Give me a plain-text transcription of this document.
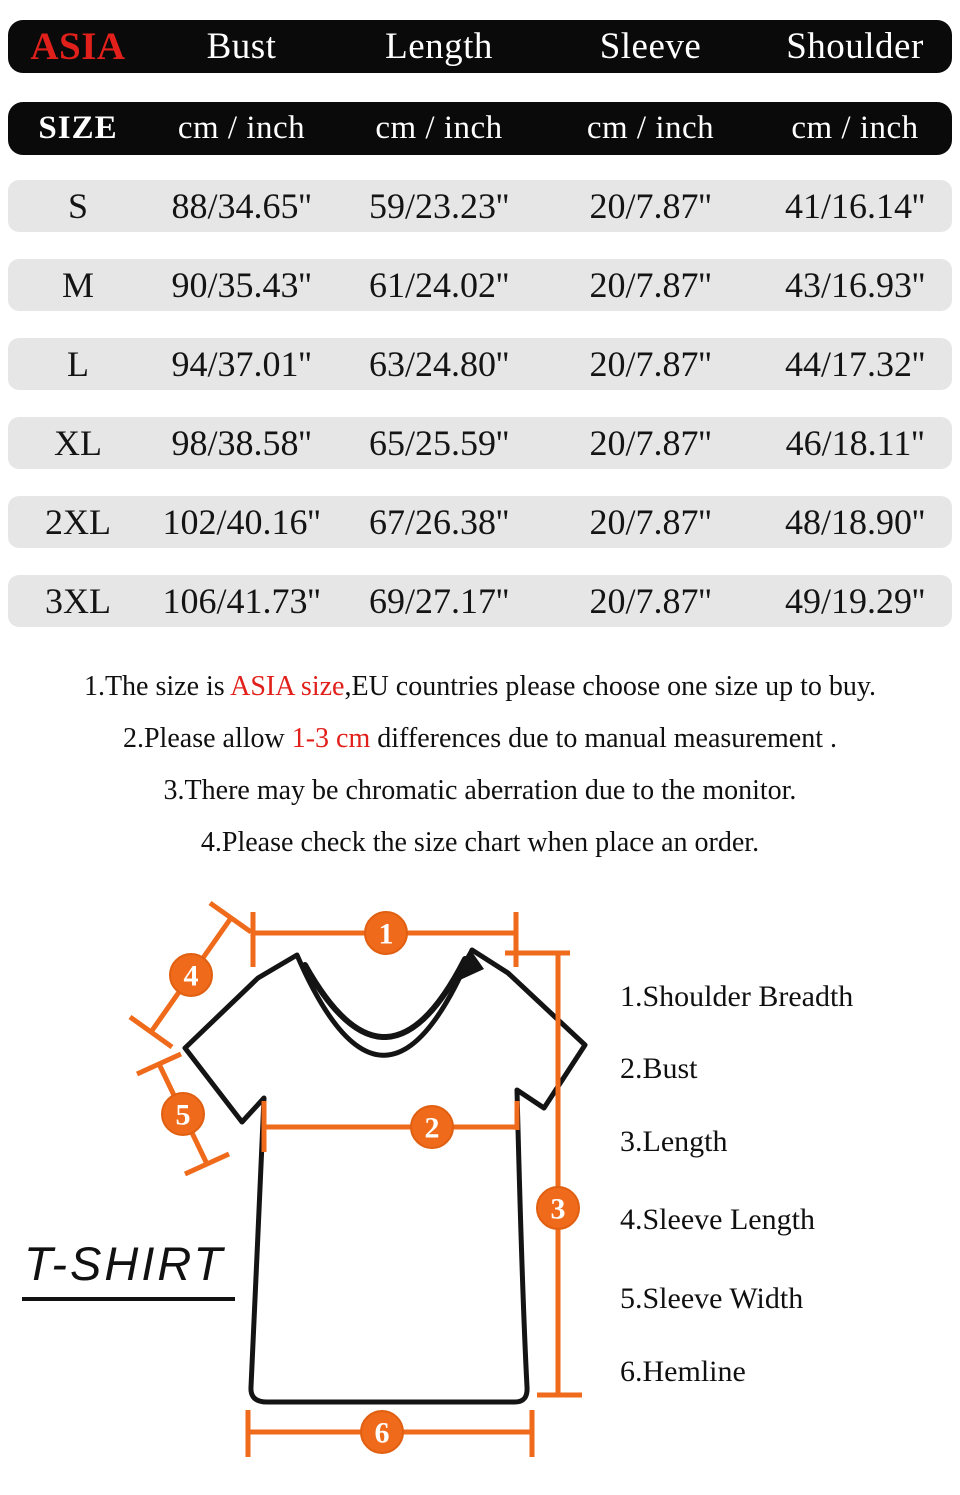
ASIA	Bust	Length	Sleeve	Shoulder
SIZE	cm / inch	cm / inch	cm / inch	cm / inch
S	88/34.65''	59/23.23''	20/7.87''	41/16.14''
M	90/35.43''	61/24.02''	20/7.87''	43/16.93''
L	94/37.01''	63/24.80''	20/7.87''	44/17.32''
XL	98/38.58''	65/25.59''	20/7.87''	46/18.11''
2XL	102/40.16''	67/26.38''	20/7.87''	48/18.90''
3XL	106/41.73''	69/27.17''	20/7.87''	49/19.29''
1.The size is ASIA size,EU countries please choose one size up to buy.
2.Please allow 1-3 cm differences due to manual measurement .
3.There may be chromatic aberration due to the monitor.
4.Please check the size chart when place an order.
1
2
3
4
5
6
1.Shoulder Breadth
2.Bust
3.Length
4.Sleeve Length
5.Sleeve Width
6.Hemline
T-SHIRT
